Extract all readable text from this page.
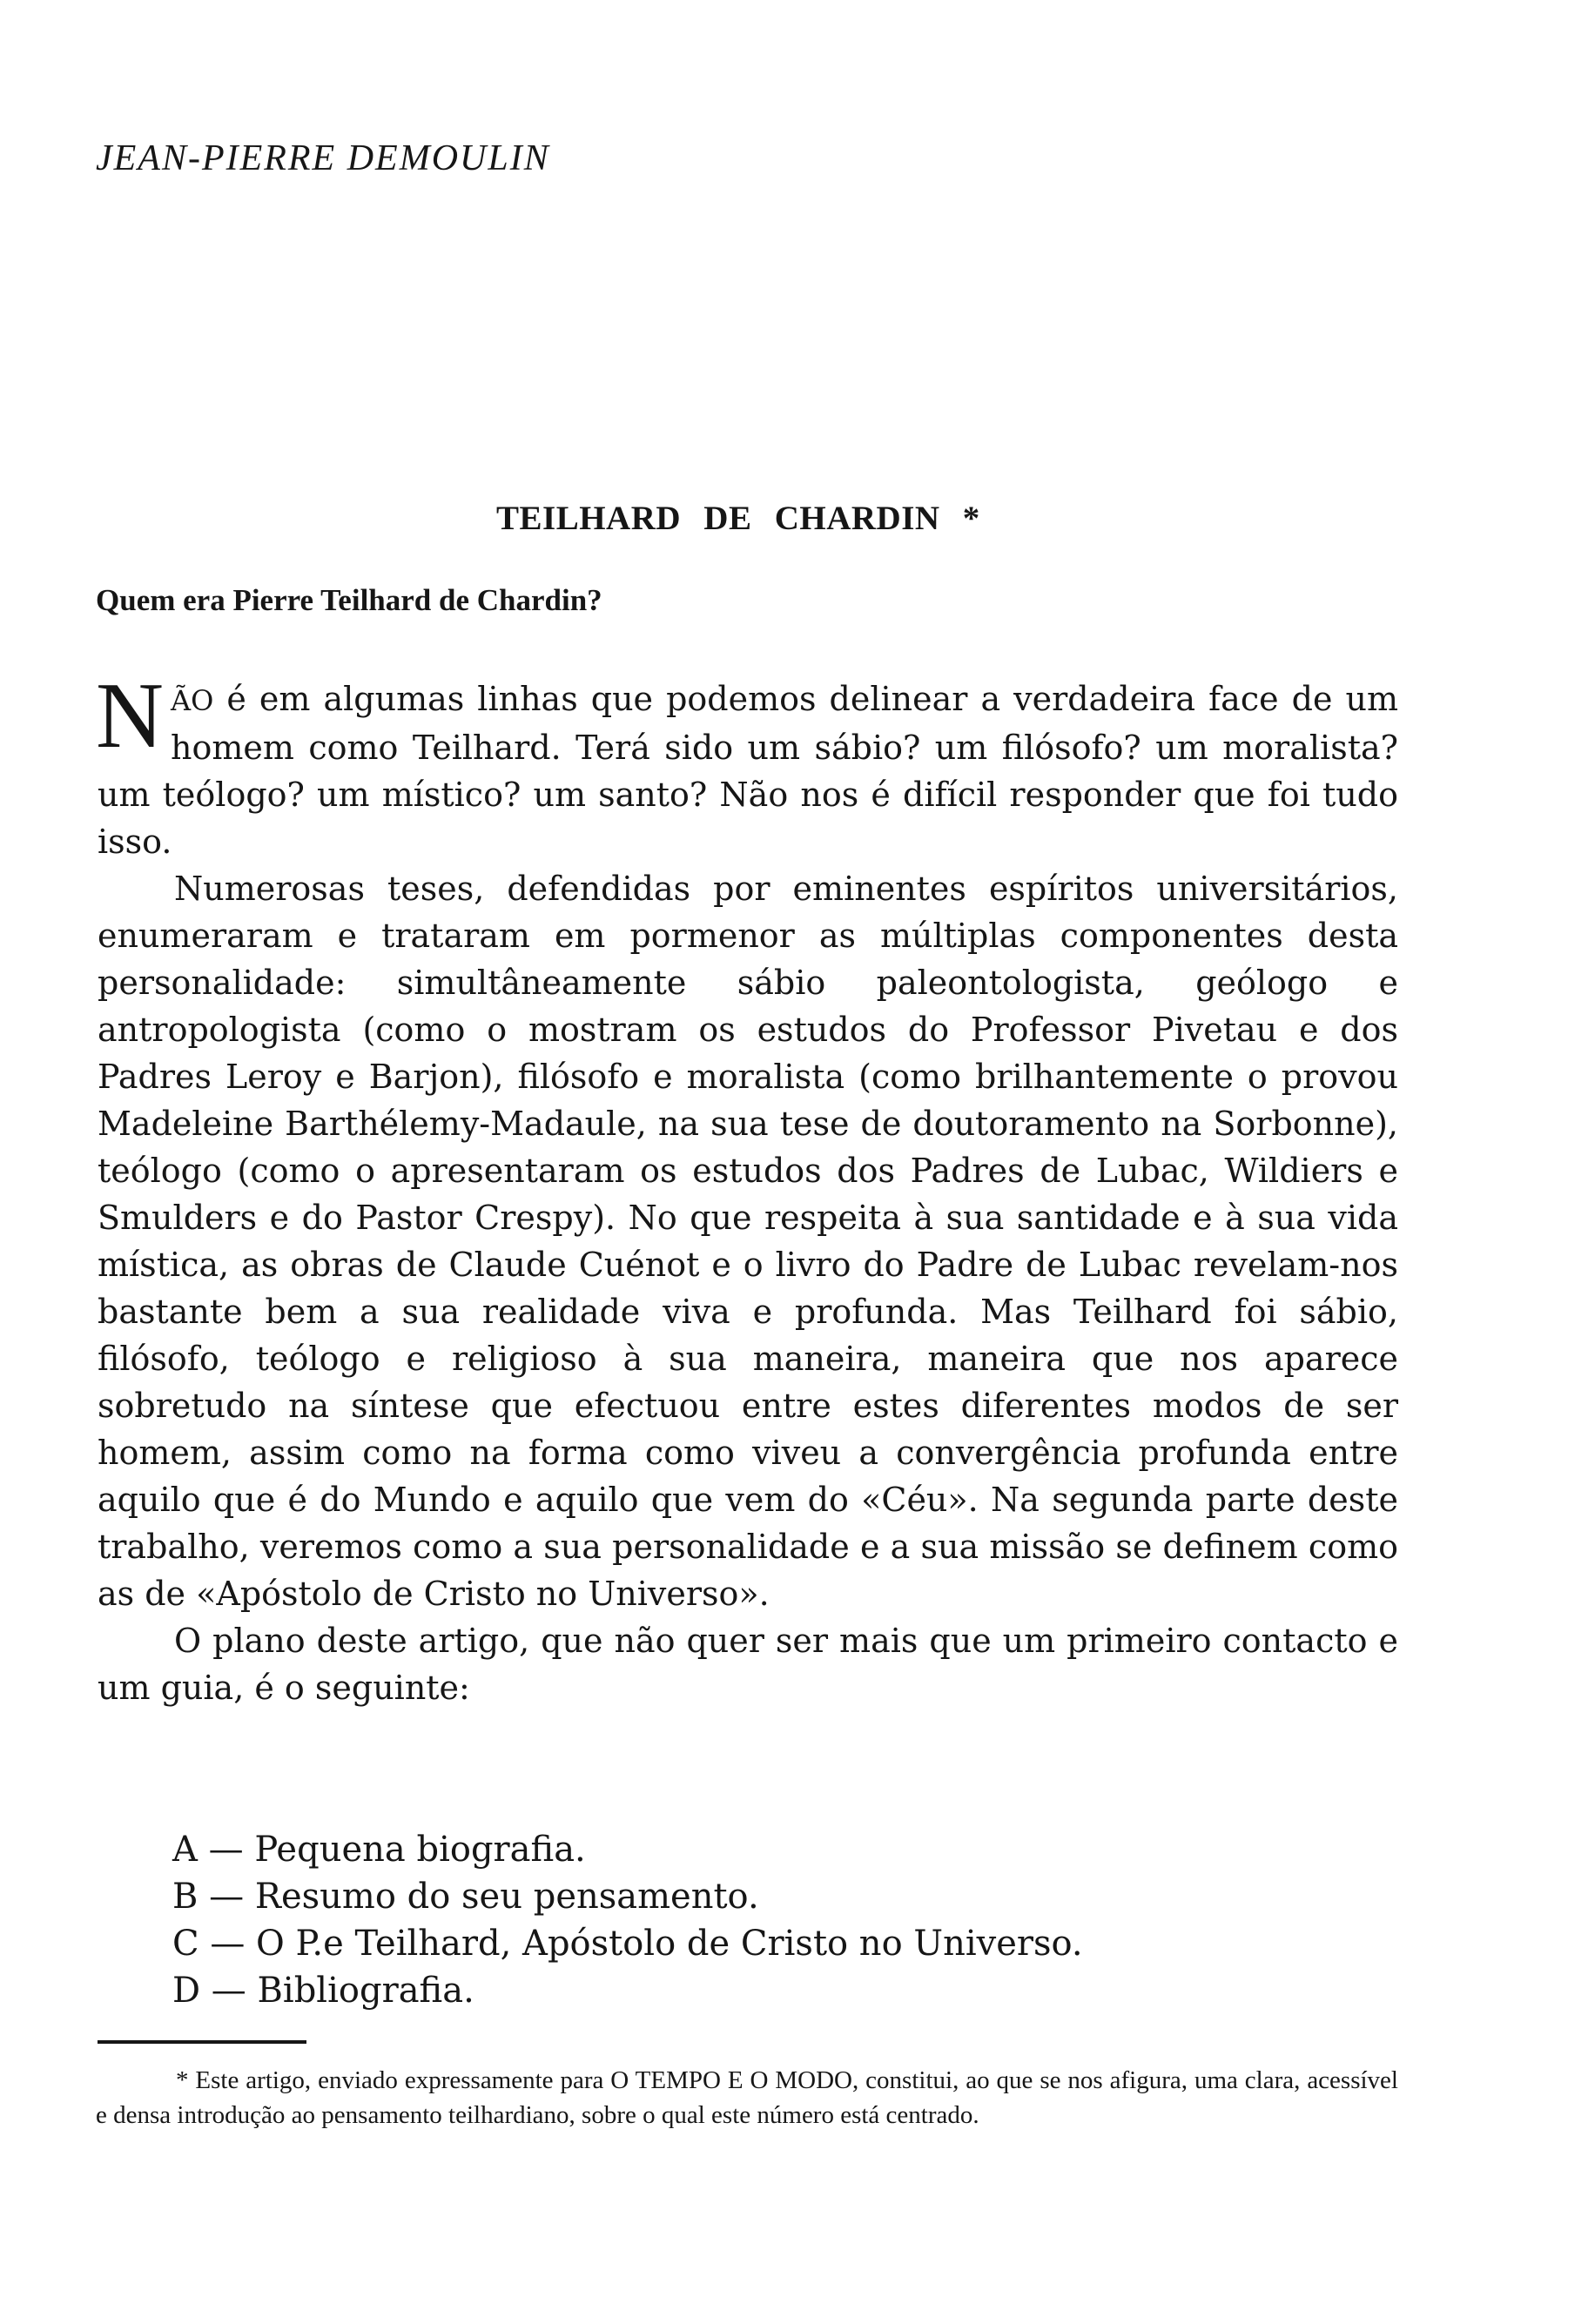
JEAN-PIERRE DEMOULIN
TEILHARD DE CHARDIN *
Quem era Pierre Teilhard de Chardin?

NÃO é em algumas linhas que podemos delinear a verdadeira face de um homem como Teilhard. Terá sido um sábio? um filósofo? um moralista? um teólogo? um místico? um santo? Não nos é difícil responder que foi tudo isso.

Numerosas teses, defendidas por eminentes espíritos universitários, enumeraram e trataram em pormenor as múltiplas componentes desta personalidade: simultâneamente sábio paleontologista, geólogo e antropologista (como o mostram os estudos do Professor Pivetau e dos Padres Leroy e Barjon), filósofo e moralista (como brilhantemente o provou Madeleine Barthélemy-Madaule, na sua tese de doutoramento na Sorbonne), teólogo (como o apresentaram os estudos dos Padres de Lubac, Wildiers e Smulders e do Pastor Crespy). No que respeita à sua santidade e à sua vida mística, as obras de Claude Cuénot e o livro do Padre de Lubac revelam-nos bastante bem a sua realidade viva e profunda. Mas Teilhard foi sábio, filósofo, teólogo e religioso à sua maneira, maneira que nos aparece sobretudo na síntese que efectuou entre estes diferentes modos de ser homem, assim como na forma como viveu a convergência profunda entre aquilo que é do Mundo e aquilo que vem do «Céu». Na segunda parte deste trabalho, veremos como a sua personalidade e a sua missão se definem como as de «Apóstolo de Cristo no Universo».

O plano deste artigo, que não quer ser mais que um primeiro contacto e um guia, é o seguinte:

A — Pequena biografia.
B — Resumo do seu pensamento.
C — O P.e Teilhard, Apóstolo de Cristo no Universo.
D — Bibliografia.

* Este artigo, enviado expressamente para O TEMPO E O MODO, constitui, ao que se nos afigura, uma clara, acessível e densa introdução ao pensamento teilhardiano, sobre o qual este número está centrado.
